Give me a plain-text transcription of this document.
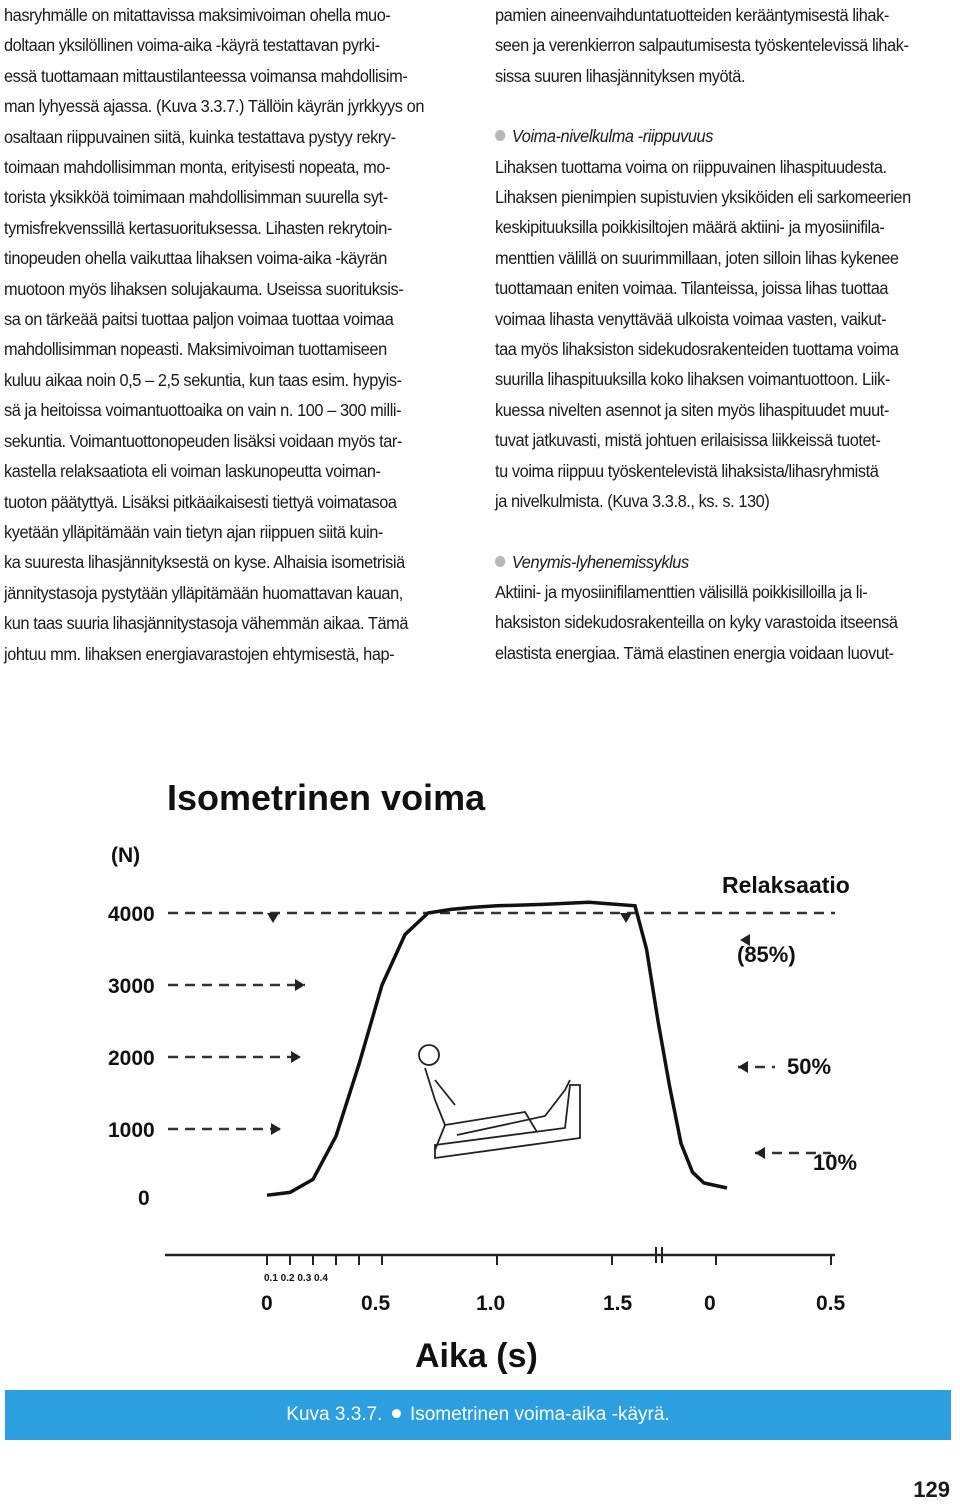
hasryhmälle on mitattavissa maksimivoiman ohella muo-

doltaan yksilöllinen voima-aika -käyrä testattavan pyrki-

essä tuottamaan mittaustilanteessa voimansa mahdollisim-

man lyhyessä ajassa. (Kuva 3.3.7.) Tällöin käyrän jyrkkyys on

osaltaan riippuvainen siitä, kuinka testattava pystyy rekry-

toimaan mahdollisimman monta, erityisesti nopeata, mo-

torista yksikköä toimimaan mahdollisimman suurella syt-

tymisfrekvenssillä kertasuorituksessa. Lihasten rekrytoin-

tinopeuden ohella vaikuttaa lihaksen voima-aika -käyrän

muotoon myös lihaksen solujakauma. Useissa suorituksis-

sa on tärkeää paitsi tuottaa paljon voimaa tuottaa voimaa

mahdollisimman nopeasti. Maksimivoiman tuottamiseen

kuluu aikaa noin 0,5 – 2,5 sekuntia, kun taas esim. hypyis-

sä ja heitoissa voimantuottoaika on vain n. 100 – 300 milli-

sekuntia. Voimantuottonopeuden lisäksi voidaan myös tar-

kastella relaksaatiota eli voiman laskunopeutta voiman-

tuoton päätyttyä. Lisäksi pitkäaikaisesti tiettyä voimatasoa

kyetään ylläpitämään vain tietyn ajan riippuen siitä kuin-

ka suuresta lihasjännityksestä on kyse. Alhaisia isometrisiä

jännitystasoja pystytään ylläpitämään huomattavan kauan,

kun taas suuria lihasjännitystasoja vähemmän aikaa. Tämä

johtuu mm. lihaksen energiavarastojen ehtymisestä, hap-

pamien aineenvaihduntatuotteiden kerääntymisestä lihak-

seen ja verenkierron salpautumisesta työskentelevissä lihak-

sissa suuren lihasjännityksen myötä.

Voima-nivelkulma -riippuvuus

Lihaksen tuottama voima on riippuvainen lihaspituudesta.

Lihaksen pienimpien supistuvien yksiköiden eli sarkomeerien

keskipituuksilla poikkisiltojen määrä aktiini- ja myosiinifila-

menttien välillä on suurimmillaan, joten silloin lihas kykenee

tuottamaan eniten voimaa. Tilanteissa, joissa lihas tuottaa

voimaa lihasta venyttävää ulkoista voimaa vasten, vaikut-

taa myös lihaksiston sidekudosrakenteiden tuottama voima

suurilla lihaspituuksilla koko lihaksen voimantuottoon. Liik-

kuessa nivelten asennot ja siten myös lihaspituudet muut-

tuvat jatkuvasti, mistä johtuen erilaisissa liikkeissä tuotet-

tu voima riippuu työskentelevistä lihaksista/lihasryhmistä

ja nivelkulmista. (Kuva 3.3.8., ks. s. 130)

Venymis-lyhenemissyklus

Aktiini- ja myosiinifilamenttien välisillä poikkisilloilla ja li-

haksiston sidekudosrakenteilla on kyky varastoida itseensä

elastista energiaa. Tämä elastinen energia voidaan luovut-

Isometrinen voima
(N)
4000
3000
2000
1000
0
0.1 0.2 0.3 0.4
0	0.5	1.0	1.5	0	0.5
Aika (s)
Relaksaatio
(85%)
50%
10%
Kuva 3.3.7. Isometrinen voima-aika -käyrä.
129
